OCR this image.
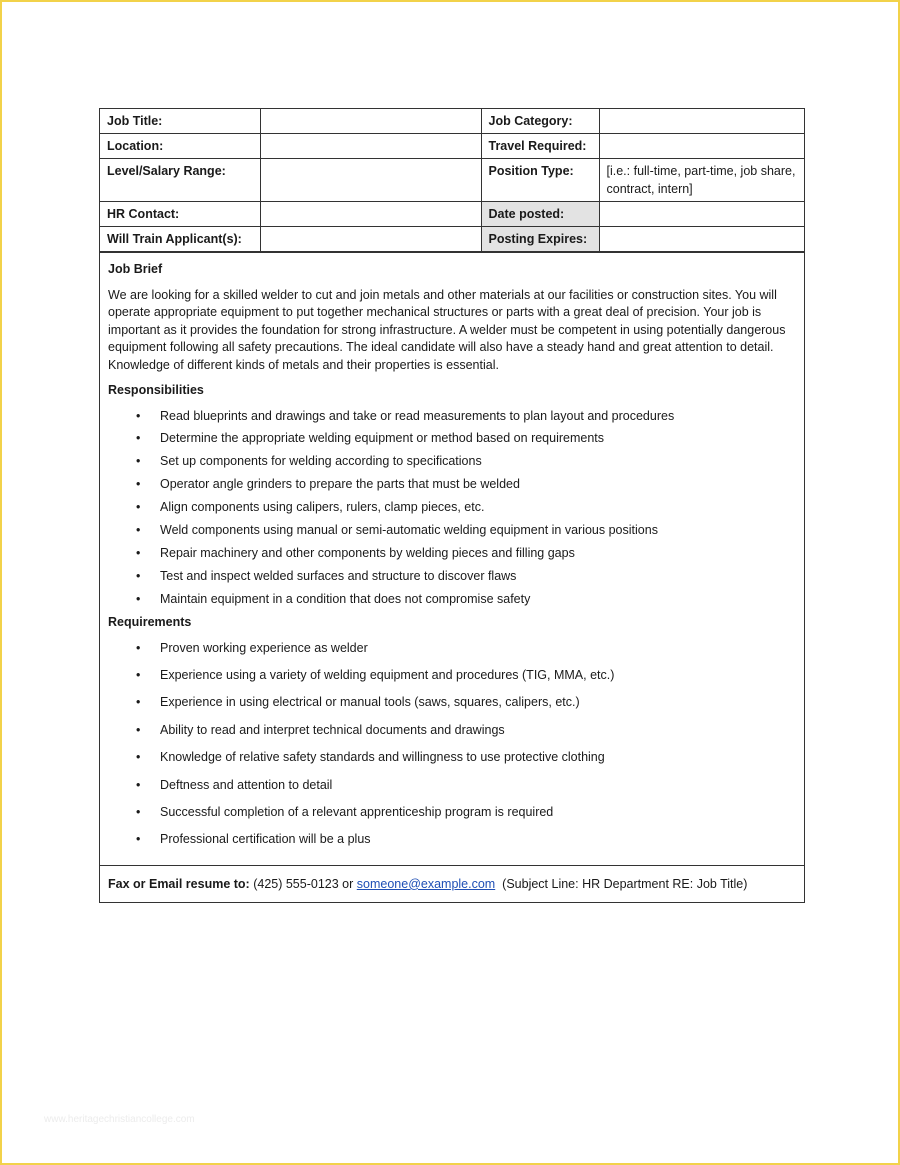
Job Title:		Job Category:	
Location:		Travel Required:	
Level/Salary Range:		Position Type:	[i.e.: full-time, part-time, job share, contract, intern]
HR Contact:		Date posted:	
Will Train Applicant(s):		Posting Expires:	
Job Brief

We are looking for a skilled welder to cut and join metals and other materials at our facilities or construction sites. You will operate appropriate equipment to put together mechanical structures or parts with a great deal of precision. Your job is important as it provides the foundation for strong infrastructure. A welder must be competent in using potentially dangerous equipment following all safety precautions. The ideal candidate will also have a steady hand and great attention to detail. Knowledge of different kinds of metals and their properties is essential.

Responsibilities
• Read blueprints and drawings and take or read measurements to plan layout and procedures
• Determine the appropriate welding equipment or method based on requirements
• Set up components for welding according to specifications
• Operator angle grinders to prepare the parts that must be welded
• Align components using calipers, rulers, clamp pieces, etc.
• Weld components using manual or semi-automatic welding equipment in various positions
• Repair machinery and other components by welding pieces and filling gaps
• Test and inspect welded surfaces and structure to discover flaws
• Maintain equipment in a condition that does not compromise safety
Requirements
• Proven working experience as welder
• Experience using a variety of welding equipment and procedures (TIG, MMA, etc.)
• Experience in using electrical or manual tools (saws, squares, calipers, etc.)
• Ability to read and interpret technical documents and drawings
• Knowledge of relative safety standards and willingness to use protective clothing
• Deftness and attention to detail
• Successful completion of a relevant apprenticeship program is required
• Professional certification will be a plus
Fax or Email resume to: (425) 555-0123 or someone@example.com (Subject Line: HR Department RE: Job Title)
www.heritagechristiancollege.com
